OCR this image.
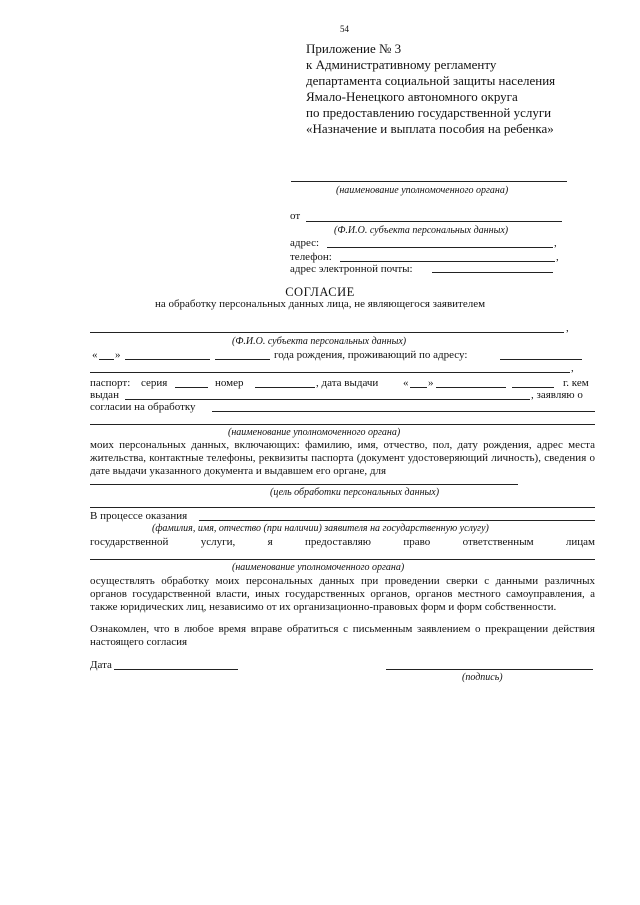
54
Приложение № 3
к Административному регламенту
департамента социальной защиты населения
Ямало-Ненецкого автономного округа
по предоставлению государственной услуги
«Назначение и выплата пособия на ребенка»
(наименование уполномоченного органа)
от
(Ф.И.О. субъекта персональных данных)
адрес:	,
телефон:	,
адрес электронной почты:
СОГЛАСИЕ
на обработку персональных данных лица, не являющегося заявителем
,
(Ф.И.О. субъекта персональных данных)
« »	года рождения, проживающий по адресу:
,
паспорт: серия	номер	, дата выдачи « »	г. кем
выдан	, заявляю о
согласии на обработку
(наименование уполномоченного органа)
моих персональных данных, включающих: фамилию, имя, отчество, пол, дату рождения, адрес места жительства, контактные телефоны, реквизиты паспорта (документ удостоверяющий личность), сведения о дате выдачи указанного документа и выдавшем его органе, для
(цель обработки персональных данных)
В процессе оказания
(фамилия, имя, отчество (при наличии) заявителя на государственную услугу)
государственной услуги, я предоставляю право ответственным лицам
(наименование уполномоченного органа)
осуществлять обработку моих персональных данных при проведении сверки с данными различных органов государственной власти, иных государственных органов, органов местного самоуправления, а также юридических лиц, независимо от их организационно-правовых форм и форм собственности.
Ознакомлен, что в любое время вправе обратиться с письменным заявлением о прекращении действия настоящего согласия
Дата
(подпись)
